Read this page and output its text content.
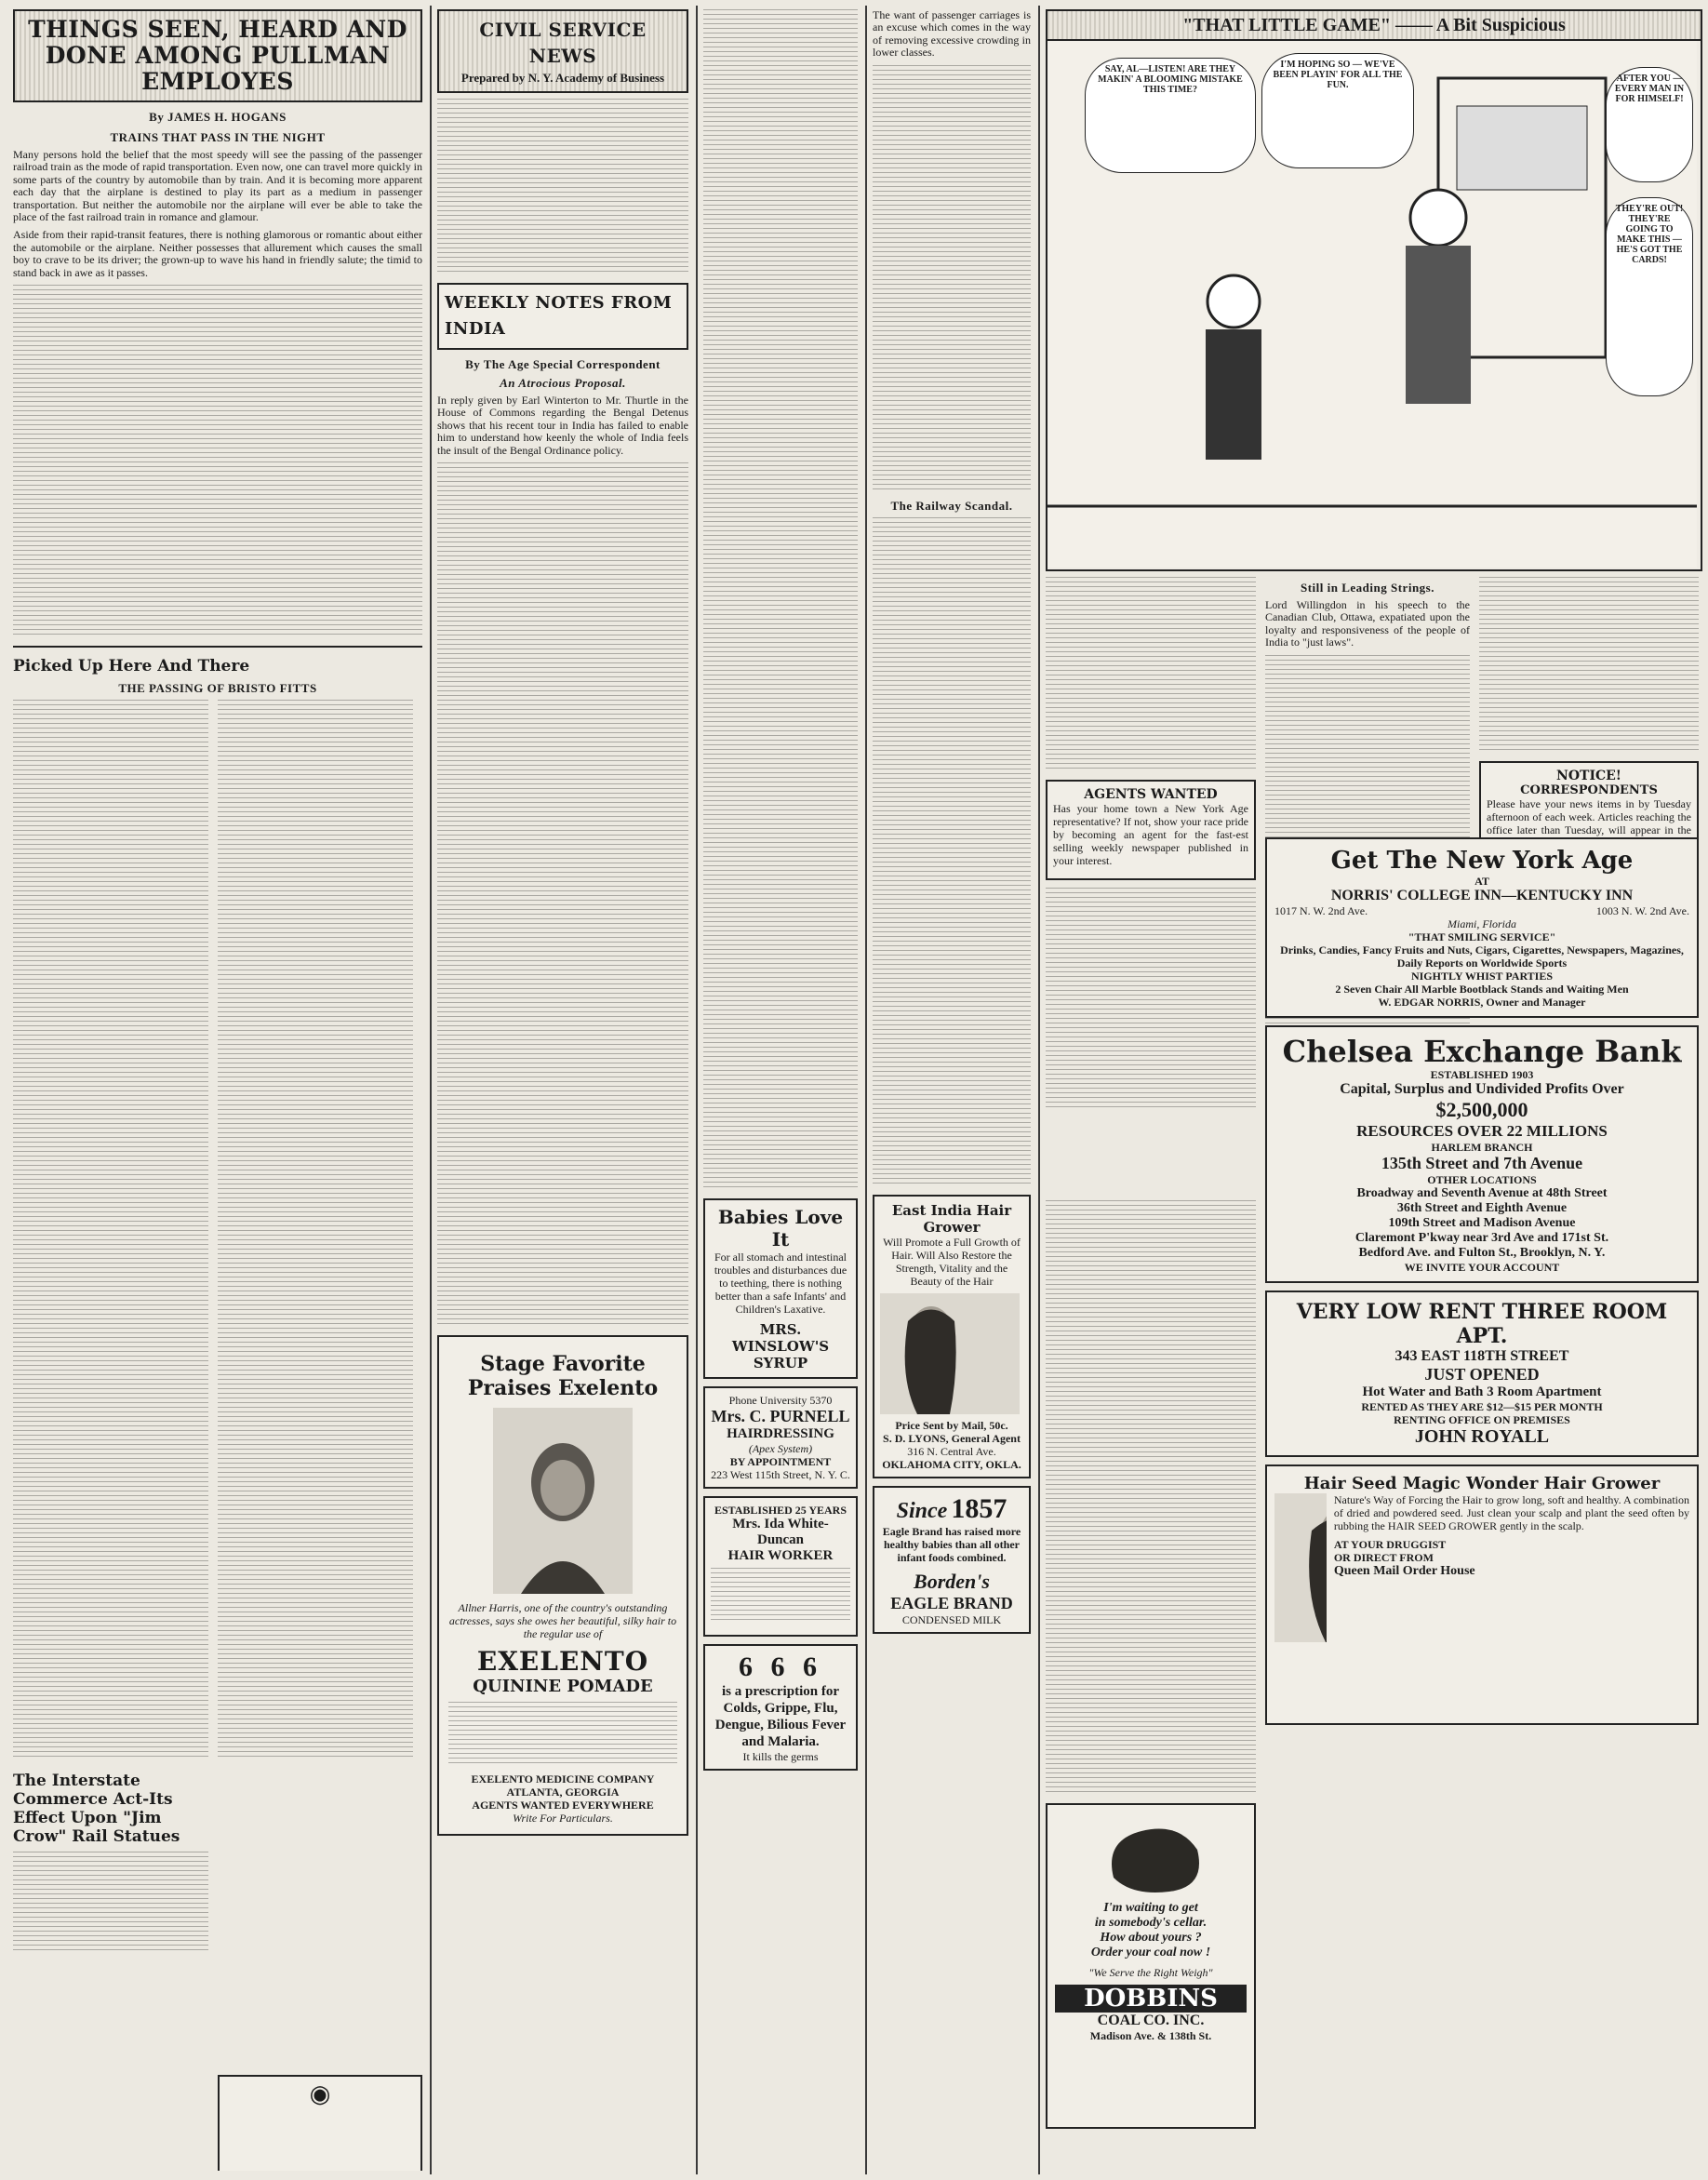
THINGS SEEN, HEARD AND DONE AMONG PULLMAN EMPLOYES
By JAMES H. HOGANS
TRAINS THAT PASS IN THE NIGHT

Many persons hold the belief that the most speedy will see the passing of the passenger railroad train as the mode of rapid transportation. Even now, one can travel more quickly in some parts of the country by automobile than by train. And it is becoming more apparent each day that the airplane is destined to play its part as a medium in passenger transportation. But neither the automobile nor the airplane will ever be able to take the place of the fast railroad train in romance and glamour.

Aside from their rapid-transit features, there is nothing glamorous or romantic about either the automobile or the airplane. Neither possesses that allurement which causes the small boy to crave to be its driver; the grown-up to wave his hand in friendly salute; the timid to stand back in awe as it passes.

Picked Up Here And There
THE PASSING OF BRISTO FITTS
The Interstate Commerce Act-Its Effect Upon "Jim Crow" Rail Statues
◉
CIVIL SERVICE NEWS
Prepared by N. Y. Academy of Business
WEEKLY NOTES FROM INDIA
By The Age Special Correspondent
An Atrocious Proposal.

In reply given by Earl Winterton to Mr. Thurtle in the House of Commons regarding the Bengal Detenus shows that his recent tour in India has failed to enable him to understand how keenly the whole of India feels the insult of the Bengal Ordinance policy.

Stage Favorite Praises Exelento

Allner Harris, one of the country's outstanding actresses, says she owes her beautiful, silky hair to the regular use of

EXELENTO
QUININE POMADE
EXELENTO MEDICINE COMPANY
ATLANTA, GEORGIA
AGENTS WANTED EVERYWHERE
Write For Particulars.
Babies Love It

For all stomach and intestinal troubles and disturbances due to teething, there is nothing better than a safe Infants' and Children's Laxative.

MRS. WINSLOW'S SYRUP
Phone University 5370
Mrs. C. PURNELL
HAIRDRESSING
(Apex System)
BY APPOINTMENT
223 West 115th Street, N. Y. C.
ESTABLISHED 25 YEARS
Mrs. Ida White-Duncan
HAIR WORKER
6 6 6
is a prescription for Colds, Grippe, Flu, Dengue, Bilious Fever and Malaria.
It kills the germs

The want of passenger carriages is an excuse which comes in the way of removing excessive crowding in lower classes.

The Railway Scandal.
East India Hair Grower

Will Promote a Full Growth of Hair. Will Also Restore the Strength, Vitality and the Beauty of the Hair

Price Sent by Mail, 50c.
S. D. LYONS, General Agent
316 N. Central Ave.
OKLAHOMA CITY, OKLA.
Since 1857

Eagle Brand has raised more healthy babies than all other infant foods combined.

Borden's
EAGLE BRAND
CONDENSED MILK
"THAT LITTLE GAME" —— A Bit Suspicious
SAY, AL—LISTEN! ARE THEY MAKIN' A BLOOMING MISTAKE THIS TIME?
I'M HOPING SO — WE'VE BEEN PLAYIN' FOR ALL THE FUN.
AFTER YOU — EVERY MAN IN FOR HIMSELF!
THEY'RE OUT! THEY'RE GOING TO MAKE THIS — HE'S GOT THE CARDS!
AGENTS WANTED

Has your home town a New York Age representative? If not, show your race pride by becoming an agent for the fast-est selling weekly newspaper published in your interest.

Still in Leading Strings.

Lord Willingdon in his speech to the Canadian Club, Ottawa, expatiated upon the loyalty and responsiveness of the people of India to "just laws".

NOTICE!
CORRESPONDENTS

Please have your news items in by Tuesday afternoon of each week. Articles reaching the office later than Tuesday, will appear in the

Get The New York Age
AT
NORRIS' COLLEGE INN—KENTUCKY INN
1017 N. W. 2nd Ave.	1003 N. W. 2nd Ave.
Miami, Florida
"THAT SMILING SERVICE"
Drinks, Candies, Fancy Fruits and Nuts, Cigars, Cigarettes, Newspapers, Magazines, Daily Reports on Worldwide Sports
NIGHTLY WHIST PARTIES
2 Seven Chair All Marble Bootblack Stands and Waiting Men
W. EDGAR NORRIS, Owner and Manager
Chelsea Exchange Bank
ESTABLISHED 1903
Capital, Surplus and Undivided Profits Over
$2,500,000
RESOURCES OVER 22 MILLIONS
HARLEM BRANCH
135th Street and 7th Avenue
OTHER LOCATIONS
Broadway and Seventh Avenue at 48th Street
36th Street and Eighth Avenue
109th Street and Madison Avenue
Claremont P'kway near 3rd Ave and 171st St.
Bedford Ave. and Fulton St., Brooklyn, N. Y.
WE INVITE YOUR ACCOUNT
VERY LOW RENT THREE ROOM APT.
343 EAST 118TH STREET
JUST OPENED
Hot Water and Bath 3 Room Apartment
RENTED AS THEY ARE $12—$15 PER MONTH
RENTING OFFICE ON PREMISES
JOHN ROYALL
Hair Seed Magic Wonder Hair Grower

Nature's Way of Forcing the Hair to grow long, soft and healthy. A combination of dried and powdered seed. Just clean your scalp and plant the seed often by rubbing the HAIR SEED GROWER gently in the scalp.

AT YOUR DRUGGIST
OR DIRECT FROM
Queen Mail Order House
I'm waiting to get
in somebody's cellar.
How about yours ?
Order your coal now !
"We Serve the Right Weigh"
DOBBINS
COAL CO. INC.
Madison Ave. & 138th St.
